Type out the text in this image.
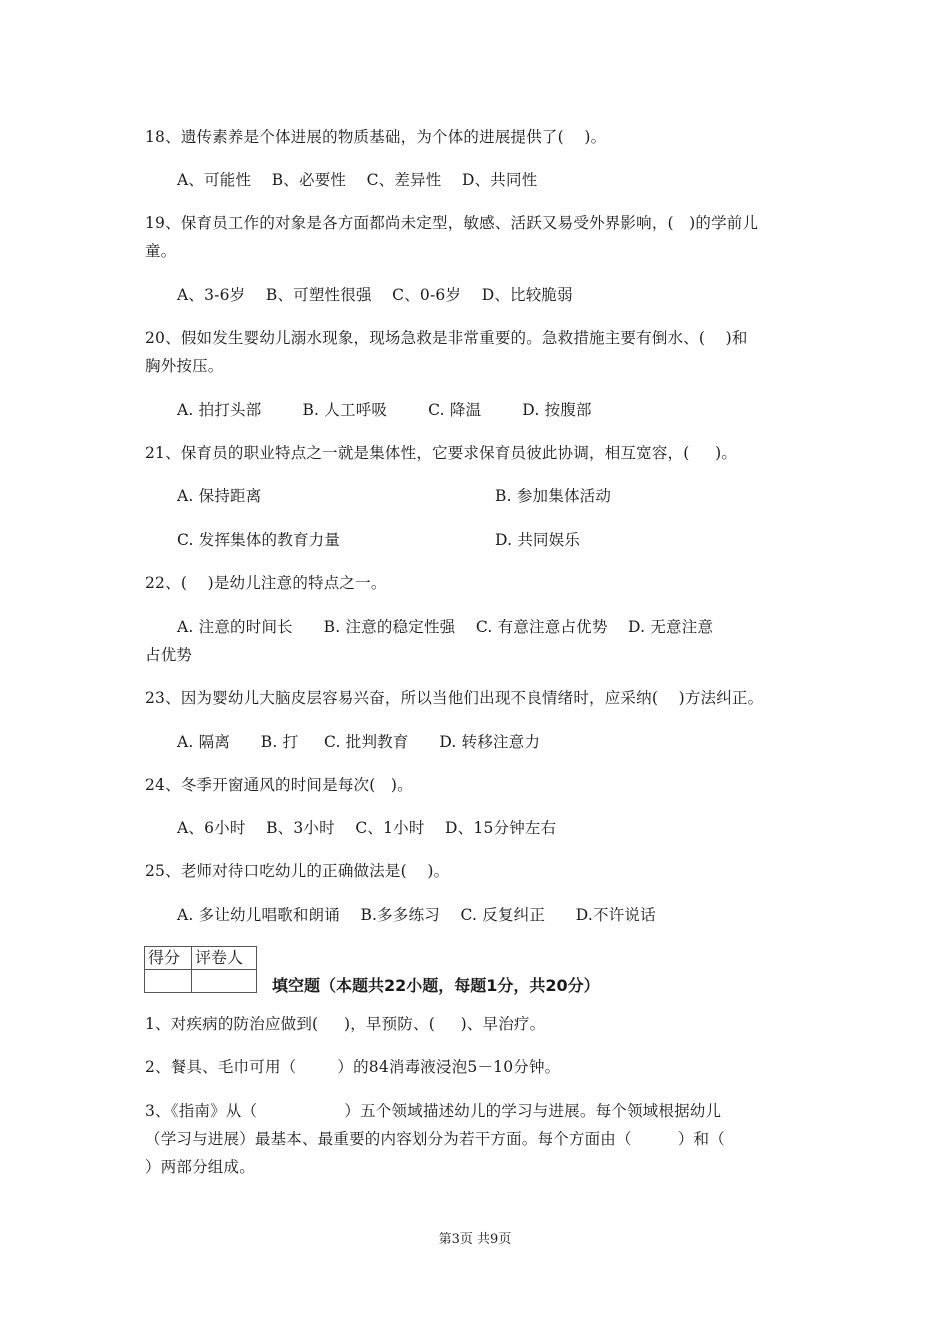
18、遗传素养是个体进展的物质基础，为个体的进展提供了(    )。
A、可能性    B、必要性    C、差异性    D、共同性
19、保育员工作的对象是各方面都尚未定型，敏感、活跃又易受外界影响，(   )的学前儿
童。
A、3-6岁    B、可塑性很强    C、0-6岁    D、比较脆弱
20、假如发生婴幼儿溺水现象，现场急救是非常重要的。急救措施主要有倒水、(    )和
胸外按压。
A. 拍打头部        B. 人工呼吸        C. 降温        D. 按腹部
21、保育员的职业特点之一就是集体性，它要求保育员彼此协调，相互宽容，(     )。
A. 保持距离	B. 参加集体活动
C. 发挥集体的教育力量	D. 共同娱乐
22、(    )是幼儿注意的特点之一。
A. 注意的时间长      B. 注意的稳定性强    C. 有意注意占优势    D. 无意注意
占优势
23、因为婴幼儿大脑皮层容易兴奋，所以当他们出现不良情绪时，应采纳(    )方法纠正。
A. 隔离      B. 打     C. 批判教育      D. 转移注意力
24、冬季开窗通风的时间是每次(   )。
A、6小时    B、3小时    C、1小时    D、15分钟左右
25、老师对待口吃幼儿的正确做法是(    )。
A. 多让幼儿唱歌和朗诵    B.多多练习    C. 反复纠正      D.不许说话
得分	评卷人

填空题（本题共22小题，每题1分，共20分）
1、对疾病的防治应做到(     )，早预防、(     )、早治疗。
2、餐具、毛巾可用（        ）的84消毒液浸泡5－10分钟。
3、《指南》从（                 ）五个领域描述幼儿的学习与进展。每个领域根据幼儿
（学习与进展）最基本、最重要的内容划分为若干方面。每个方面由（         ）和（
）两部分组成。
第3页 共9页
